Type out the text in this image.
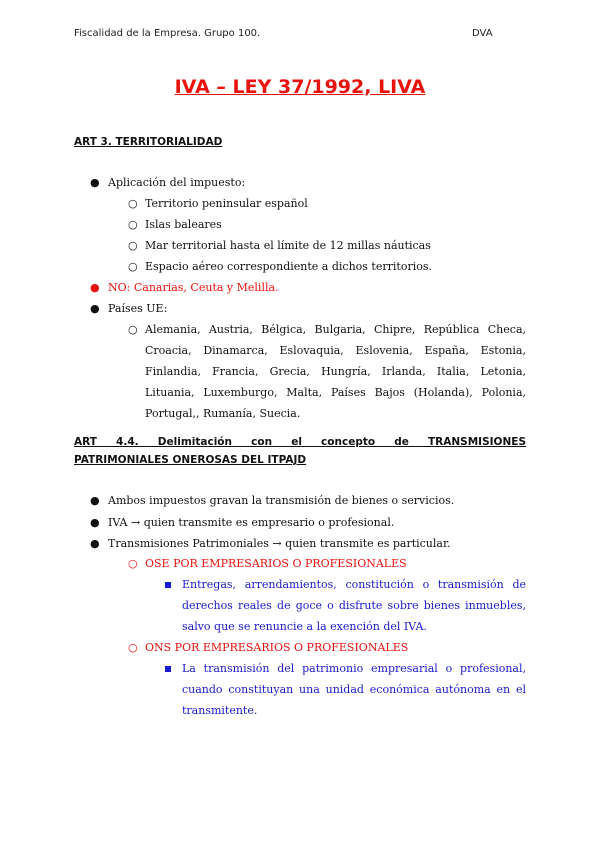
Fiscalidad de la Empresa. Grupo 100.	DVA
IVA – LEY 37/1992, LIVA
ART 3. TERRITORIALIDAD
● Aplicación del impuesto:
○ Territorio peninsular español
○ Islas baleares
○ Mar territorial hasta el límite de 12 millas náuticas
○ Espacio aéreo correspondiente a dichos territorios.
● NO: Canarias, Ceuta y Melilla.
● Países UE:
○ Alemania, Austria, Bélgica, Bulgaria, Chipre, República Checa, Croacia, Dinamarca, Eslovaquia, Eslovenia, España, Estonia, Finlandia, Francia, Grecia, Hungría, Irlanda, Italia, Letonia, Lituania, Luxemburgo, Malta, Países Bajos (Holanda), Polonia, Portugal,, Rumanía, Suecia.
ART 4.4. Delimitación con el concepto de TRANSMISIONES
PATRIMONIALES ONEROSAS DEL ITPAJD
● Ambos impuestos gravan la transmisión de bienes o servicios.
● IVA → quien transmite es empresario o profesional.
● Transmisiones Patrimoniales → quien transmite es particular.
○ OSE POR EMPRESARIOS O PROFESIONALES
Entregas, arrendamientos, constitución o transmisión de derechos reales de goce o disfrute sobre bienes inmuebles, salvo que se renuncie a la exención del IVA.
○ ONS POR EMPRESARIOS O PROFESIONALES
La transmisión del patrimonio empresarial o profesional, cuando constituyan una unidad económica autónoma en el transmitente.
